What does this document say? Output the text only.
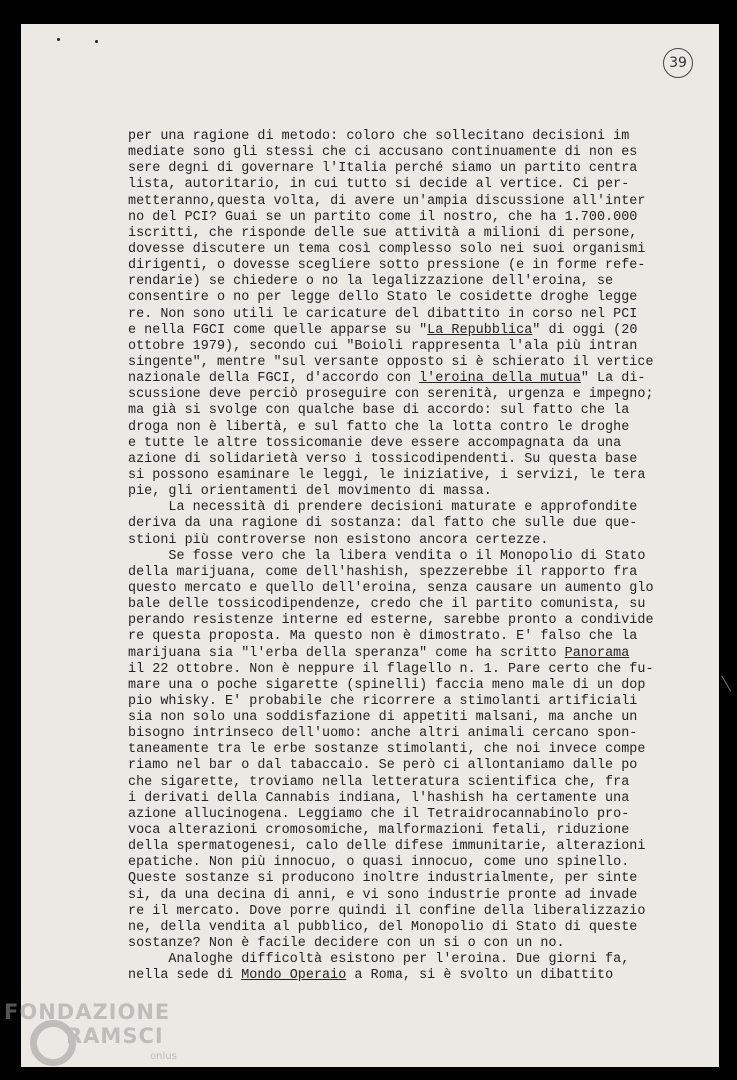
39
per una ragione di metodo: coloro che sollecitano decisioni im
mediate sono gli stessi che ci accusano continuamente di non es
sere degni di governare l'Italia perché siamo un partito centra
lista, autoritario, in cui tutto si decide al vertice. Ci per-
metteranno,questa volta, di avere un'ampia discussione all'inter
no del PCI? Guai se un partito come il nostro, che ha 1.700.000
iscritti, che risponde delle sue attività a milioni di persone,
dovesse discutere un tema così complesso solo nei suoi organismi
dirigenti, o dovesse scegliere sotto pressione (e in forme refe-
rendarie) se chiedere o no la legalizzazione dell'eroina, se
consentire o no per legge dello Stato le cosidette droghe legge
re. Non sono utili le caricature del dibattito in corso nel PCI
e nella FGCI come quelle apparse su "La Repubblica" di oggi (20
ottobre 1979), secondo cui "Boioli rappresenta l'ala più intran
singente", mentre "sul versante opposto si è schierato il vertice
nazionale della FGCI, d'accordo con l'eroina della mutua" La di-
scussione deve perciò proseguire con serenità, urgenza e impegno;
ma già si svolge con qualche base di accordo: sul fatto che la
droga non è libertà, e sul fatto che la lotta contro le droghe
e tutte le altre tossicomanie deve essere accompagnata da una
azione di solidarietà verso i tossicodipendenti. Su questa base
si possono esaminare le leggi, le iniziative, i servizi, le tera
pie, gli orientamenti del movimento di massa.
La necessità di prendere decisioni maturate e approfondite
deriva da una ragione di sostanza: dal fatto che sulle due que-
stioni più controverse non esistono ancora certezze.
Se fosse vero che la libera vendita o il Monopolio di Stato
della marijuana, come dell'hashish, spezzerebbe il rapporto fra
questo mercato e quello dell'eroina, senza causare un aumento glo
bale delle tossicodipendenze, credo che il partito comunista, su
perando resistenze interne ed esterne, sarebbe pronto a condivide
re questa proposta. Ma questo non è dimostrato. E' falso che la
marijuana sia "l'erba della speranza" come ha scritto Panorama
il 22 ottobre. Non è neppure il flagello n. 1. Pare certo che fu-
mare una o poche sigarette (spinelli) faccia meno male di un dop
pio whisky. E' probabile che ricorrere a stimolanti artificiali
sia non solo una soddisfazione di appetiti malsani, ma anche un
bisogno intrinseco dell'uomo: anche altri animali cercano spon-
taneamente tra le erbe sostanze stimolanti, che noi invece compe
riamo nel bar o dal tabaccaio. Se però ci allontaniamo dalle po
che sigarette, troviamo nella letteratura scientifica che, fra
i derivati della Cannabis indiana, l'hashish ha certamente una
azione allucinogena. Leggiamo che il Tetraidrocannabinolo pro-
voca alterazioni cromosomiche, malformazioni fetali, riduzione
della spermatogenesi, calo delle difese immunitarie, alterazioni
epatiche. Non più innocuo, o quasi innocuo, come uno spinello.
Queste sostanze si producono inoltre industrialmente, per sinte
si, da una decina di anni, e vi sono industrie pronte ad invade
re il mercato. Dove porre quindi il confine della liberalizzazio
ne, della vendita al pubblico, del Monopolio di Stato di queste
sostanze? Non è facile decidere con un si o con un no.
Analoghe difficoltà esistono per l'eroina. Due giorni fa,
nella sede di Mondo Operaio a Roma, si è svolto un dibattito
FONDAZIONE
RAMSCI
onlus
